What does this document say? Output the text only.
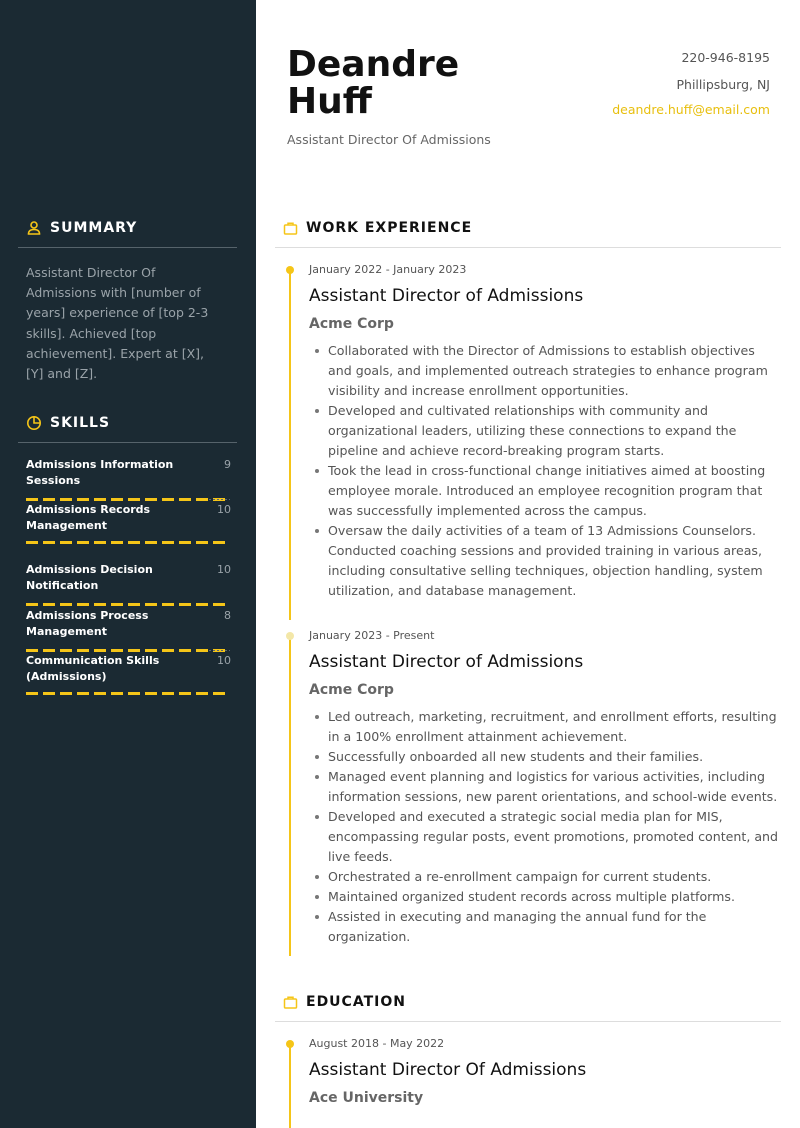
SUMMARY
Assistant Director Of Admissions with [number of years] experience of [top 2-3 skills]. Achieved [top achievement]. Expert at [X], [Y] and [Z].
SKILLS
Admissions Information Sessions
9
Admissions Records Management
10
Admissions Decision Notification
10
Admissions Process Management
8
Communication Skills (Admissions)
10
Deandre
Huff
Assistant Director Of Admissions
220-946-8195
Phillipsburg, NJ
deandre.huff@email.com
WORK EXPERIENCE
January 2022 - January 2023
Assistant Director of Admissions
Acme Corp
Collaborated with the Director of Admissions to establish objectives and goals, and implemented outreach strategies to enhance program visibility and increase enrollment opportunities.
Developed and cultivated relationships with community and organizational leaders, utilizing these connections to expand the pipeline and achieve record-breaking program starts.
Took the lead in cross-functional change initiatives aimed at boosting employee morale. Introduced an employee recognition program that was successfully implemented across the campus.
Oversaw the daily activities of a team of 13 Admissions Counselors. Conducted coaching sessions and provided training in various areas, including consultative selling techniques, objection handling, system utilization, and database management.
January 2023 - Present
Assistant Director of Admissions
Acme Corp
Led outreach, marketing, recruitment, and enrollment efforts, resulting in a 100% enrollment attainment achievement.
Successfully onboarded all new students and their families.
Managed event planning and logistics for various activities, including information sessions, new parent orientations, and school-wide events.
Developed and executed a strategic social media plan for MIS, encompassing regular posts, event promotions, promoted content, and live feeds.
Orchestrated a re-enrollment campaign for current students.
Maintained organized student records across multiple platforms.
Assisted in executing and managing the annual fund for the organization.
EDUCATION
August 2018 - May 2022
Assistant Director Of Admissions
Ace University
